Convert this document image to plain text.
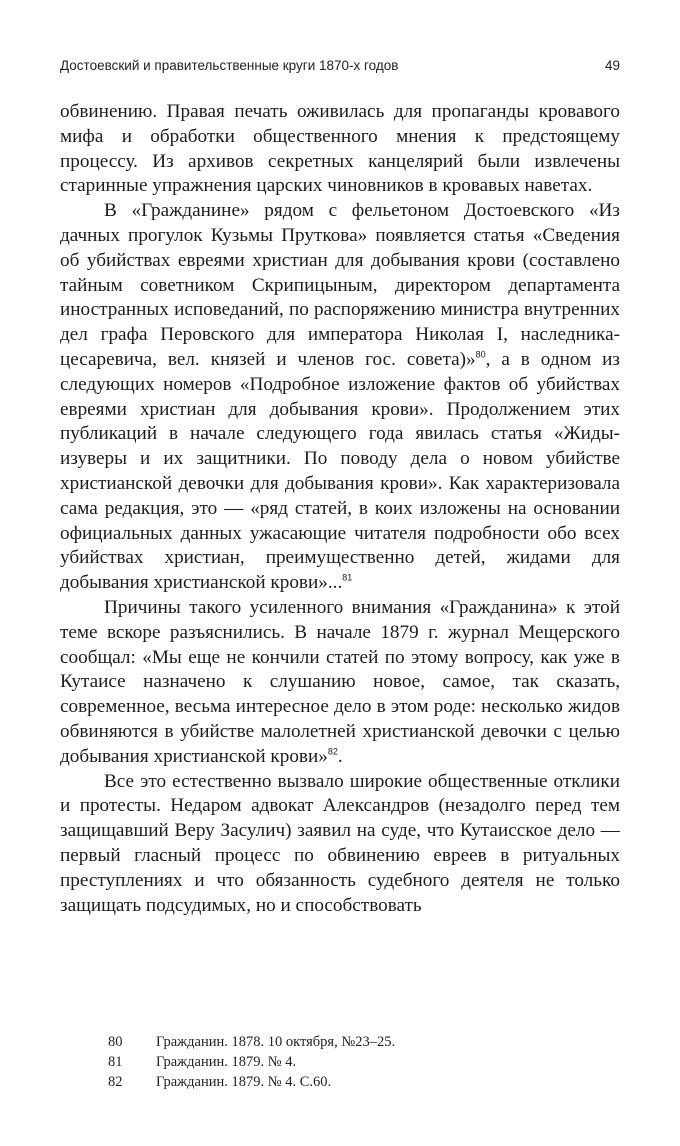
Достоевский и правительственные круги 1870-х годов	49

обвинению. Правая печать оживилась для пропаганды кровавого мифа и обработки общественного мнения к предстоящему процессу. Из архивов секретных канцелярий были извлечены старинные упражнения царских чиновников в кровавых наветах.

В «Гражданине» рядом с фельетоном Достоевского «Из дачных прогулок Кузьмы Пруткова» появляется статья «Сведения об убийствах евреями христиан для добывания крови (составлено тайным советником Скрипицыным, директором департамента иностранных исповеданий, по распоряжению министра внутренних дел графа Перовского для императора Николая I, наследника-цесаревича, вел. князей и членов гос. совета)»$^{80}$, а в одном из следующих номеров «Подробное изложение фактов об убийствах евреями христиан для добывания крови». Продолжением этих публикаций в начале следующего года явилась статья «Жиды-изуверы и их защитники. По поводу дела о новом убийстве христианской девочки для добывания крови». Как характеризовала сама редакция, это — «ряд статей, в коих изложены на основании официальных данных ужасающие читателя подробности обо всех убийствах христиан, преимущественно детей, жидами для добывания христианской крови»...$^{81}$

Причины такого усиленного внимания «Гражданина» к этой теме вскоре разъяснились. В начале 1879 г. журнал Мещерского сообщал: «Мы еще не кончили статей по этому вопросу, как уже в Кутаисе назначено к слушанию новое, самое, так сказать, современное, весьма интересное дело в этом роде: несколько жидов обвиняются в убийстве малолетней христианской девочки с целью добывания христианской крови»$^{82}$.

Все это естественно вызвало широкие общественные отклики и протесты. Недаром адвокат Александров (незадолго перед тем защищавший Веру Засулич) заявил на суде, что Кутаисское дело — первый гласный процесс по обвинению евреев в ритуальных преступлениях и что обязанность судебного деятеля не только защищать подсудимых, но и способствовать

80	Гражданин. 1878. 10 октября, №23–25.
81	Гражданин. 1879. № 4.
82	Гражданин. 1879. № 4. С.60.
